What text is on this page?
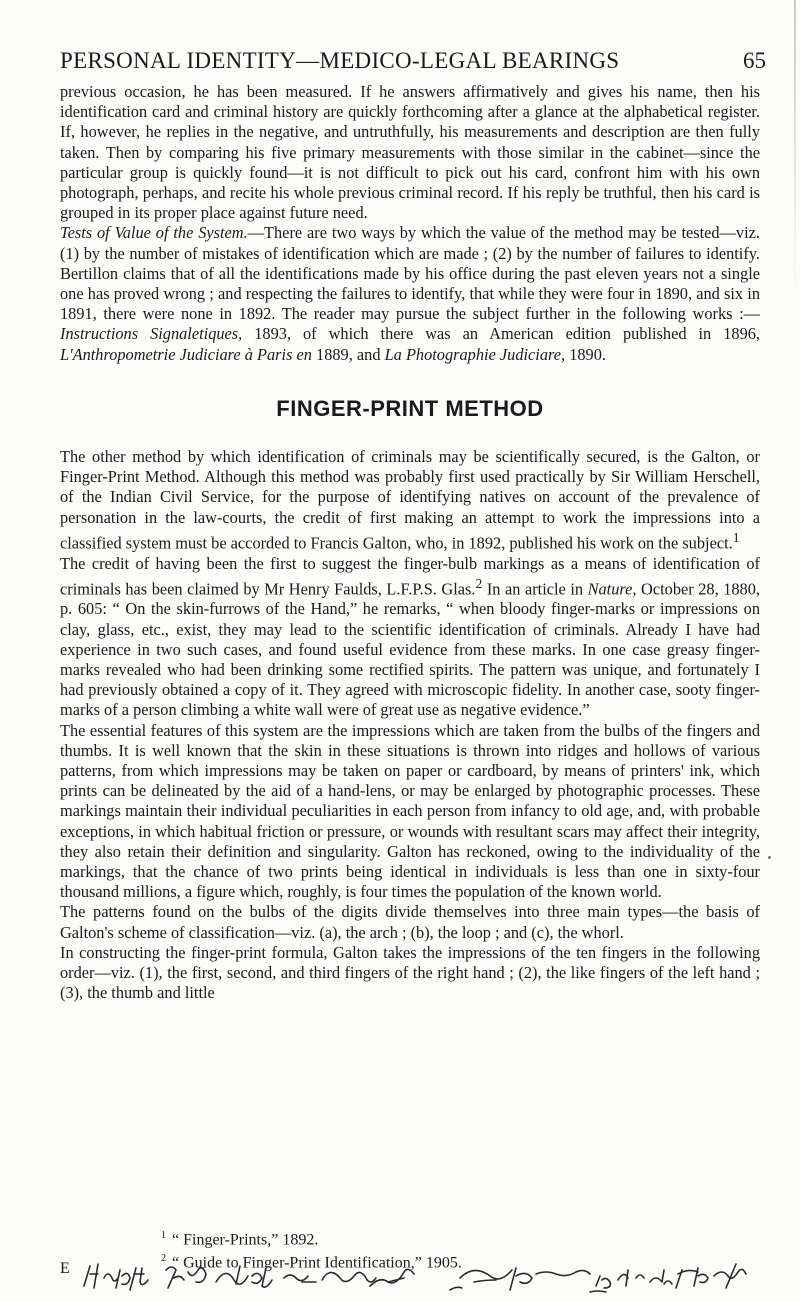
PERSONAL IDENTITY—MEDICO-LEGAL BEARINGS	65

previous occasion, he has been measured. If he answers affirmatively and gives his name, then his identification card and criminal history are quickly forthcoming after a glance at the alphabetical register. If, however, he replies in the negative, and untruthfully, his measurements and description are then fully taken. Then by comparing his five primary measurements with those similar in the cabinet—since the particular group is quickly found—it is not difficult to pick out his card, confront him with his own photograph, perhaps, and recite his whole previous criminal record. If his reply be truthful, then his card is grouped in its proper place against future need.

Tests of Value of the System.—There are two ways by which the value of the method may be tested—viz. (1) by the number of mistakes of identification which are made ; (2) by the number of failures to identify. Bertillon claims that of all the identifications made by his office during the past eleven years not a single one has proved wrong ; and respecting the failures to identify, that while they were four in 1890, and six in 1891, there were none in 1892. The reader may pursue the subject further in the following works :—Instructions Signaletiques, 1893, of which there was an American edition published in 1896, L'Anthropometrie Judiciare à Paris en 1889, and La Photographie Judiciare, 1890.

FINGER-PRINT METHOD

The other method by which identification of criminals may be scientifically secured, is the Galton, or Finger-Print Method. Although this method was probably first used practically by Sir William Herschell, of the Indian Civil Service, for the purpose of identifying natives on account of the prevalence of personation in the law-courts, the credit of first making an attempt to work the impressions into a classified system must be accorded to Francis Galton, who, in 1892, published his work on the subject.$^1$

The credit of having been the first to suggest the finger-bulb markings as a means of identification of criminals has been claimed by Mr Henry Faulds, L.F.P.S. Glas.$^2$ In an article in Nature, October 28, 1880, p. 605: “ On the skin-furrows of the Hand,” he remarks, “ when bloody finger-marks or impressions on clay, glass, etc., exist, they may lead to the scientific identification of criminals. Already I have had experience in two such cases, and found useful evidence from these marks. In one case greasy finger-marks revealed who had been drinking some rectified spirits. The pattern was unique, and fortunately I had previously obtained a copy of it. They agreed with microscopic fidelity. In another case, sooty finger-marks of a person climbing a white wall were of great use as negative evidence.”

The essential features of this system are the impressions which are taken from the bulbs of the fingers and thumbs. It is well known that the skin in these situations is thrown into ridges and hollows of various patterns, from which impressions may be taken on paper or cardboard, by means of printers' ink, which prints can be delineated by the aid of a hand-lens, or may be enlarged by photographic processes. These markings maintain their individual peculiarities in each person from infancy to old age, and, with probable exceptions, in which habitual friction or pressure, or wounds with resultant scars may affect their integrity, they also retain their definition and singularity. Galton has reckoned, owing to the individuality of the markings, that the chance of two prints being identical in individuals is less than one in sixty-four thousand millions, a figure which, roughly, is four times the population of the known world.

The patterns found on the bulbs of the digits divide themselves into three main types—the basis of Galton's scheme of classification—viz. (a), the arch ; (b), the loop ; and (c), the whorl.

In constructing the finger-print formula, Galton takes the impressions of the ten fingers in the following order—viz. (1), the first, second, and third fingers of the right hand ; (2), the like fingers of the left hand ; (3), the thumb and little

$^1$ “ Finger-Prints,” 1892.
$^2$ “ Guide to Finger-Print Identification,” 1905.
E
